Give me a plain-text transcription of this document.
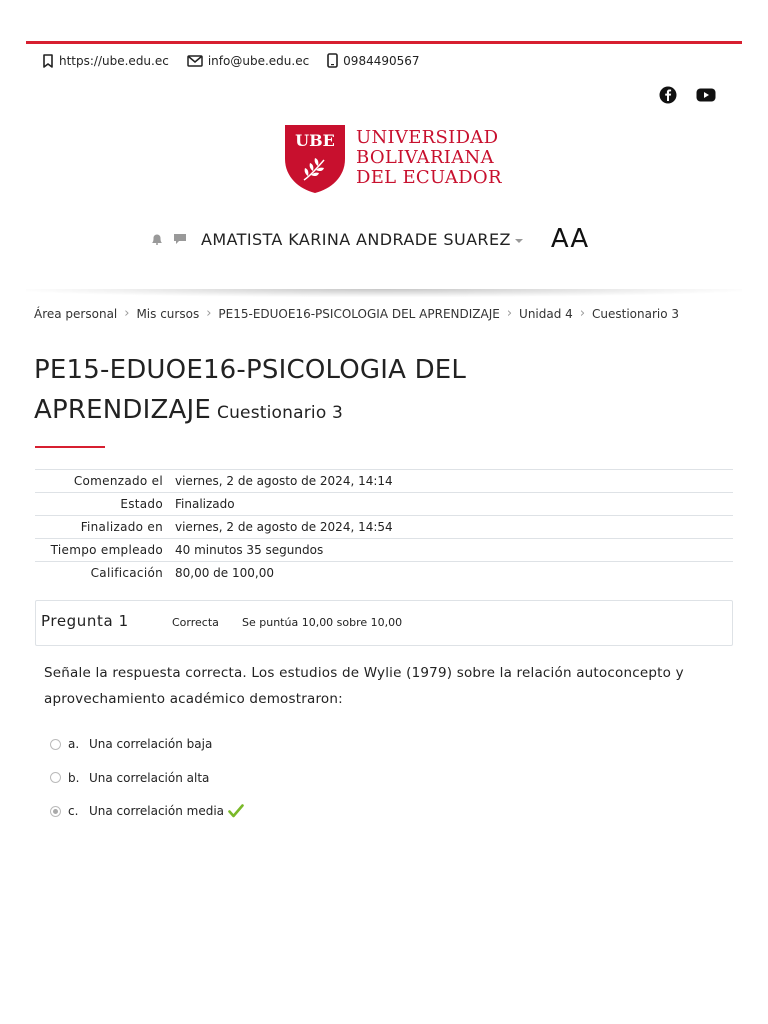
https://ube.edu.ec	info@ube.edu.ec	0984490567
UBE UNIVERSIDAD
BOLIVARIANA
DEL ECUADOR
AMATISTA KARINA ANDRADE SUAREZ	AA
Área personal › Mis cursos › PE15-EDUOE16-PSICOLOGIA DEL APRENDIZAJE › Unidad 4 › Cuestionario 3
PE15-EDUOE16-PSICOLOGIA DEL
APRENDIZAJE Cuestionario 3
Comenzado el	viernes, 2 de agosto de 2024, 14:14
Estado	Finalizado
Finalizado en	viernes, 2 de agosto de 2024, 14:54
Tiempo empleado	40 minutos 35 segundos
Calificación	80,00 de 100,00
Pregunta 1	Correcta Se puntúa 10,00 sobre 10,00
Señale la respuesta correcta. Los estudios de Wylie (1979) sobre la relación autoconcepto y aprovechamiento académico demostraron:
a. Una correlación baja
b. Una correlación alta
c. Una correlación media
